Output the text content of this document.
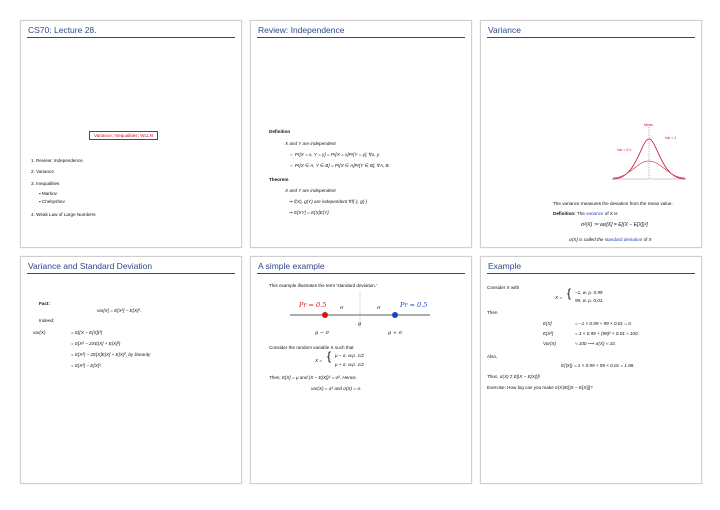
CS70: Lecture 28.
Variance; Inequalities; WLLN
1. Review: Independence
2. Variance
3. Inequalities
▪ Markov
▪ Chebyshev
4. Weak Law of Large Numbers
Review: Independence
Definition
X and Y are independent
⇔ Pr[X = x, Y = y] = Pr[X = x]Pr[Y = y], ∀x, y.
⇔ Pr[X ∈ A, Y ∈ B] = Pr[X ∈ A]Pr[Y ∈ B], ∀A, B.
Theorem
X and Y are independent
⇒ f(X), g(Y) are independent ∀f(·), g(·)
⇒ E[XY] = E[X]E[Y].
Variance
Mean
Var = 1
Var = 0.1
The variance measures the deviation from the mean value.
Definition: The variance of X is
σ²(X) := var[X] = E[(X − E[X])²]
σ(X) is called the standard deviation of X
Variance and Standard Deviation
Fact:
var[X] = E[X²] − E[X]².
Indeed:
var(X)	= E[(X − E[X])²]
= E[X² − 2XE[X] + E[X]²)
= E[X²] − 2E[X]E[X] + E[X]², by linearity
= E[X²] − E[X]².
A simple example
This example illustrates the term 'standard deviation.'
Pr = 0.5	Pr = 0.5
σ	σ
μ
μ − σ	μ + σ
Consider the random variable X such that
X = { μ − σ, w.p. 1/2
μ + σ, w.p. 1/2
Then, E[X] = μ and (X − E[X])² = σ². Hence,
var(X) = σ² and σ(X) = σ.
Example
Consider X with
X = { −1, w. p. 0.99
99, w. p. 0.01.
Then
E[X]	= −1 × 0.99 + 99 × 0.01 = 0.
E[X²]	= 1 × 0.99 + (99)² × 0.01 ≈ 100.
Var(X)	≈ 100 ⟹ σ(X) ≈ 10.
Also,
E(|X|) = 1 × 0.99 + 99 × 0.01 = 1.98.
Thus, σ(X) ≠ E[|X − E[X]|]!
Exercise: How big can you make σ(X)/E[|X − E[X]|]?
